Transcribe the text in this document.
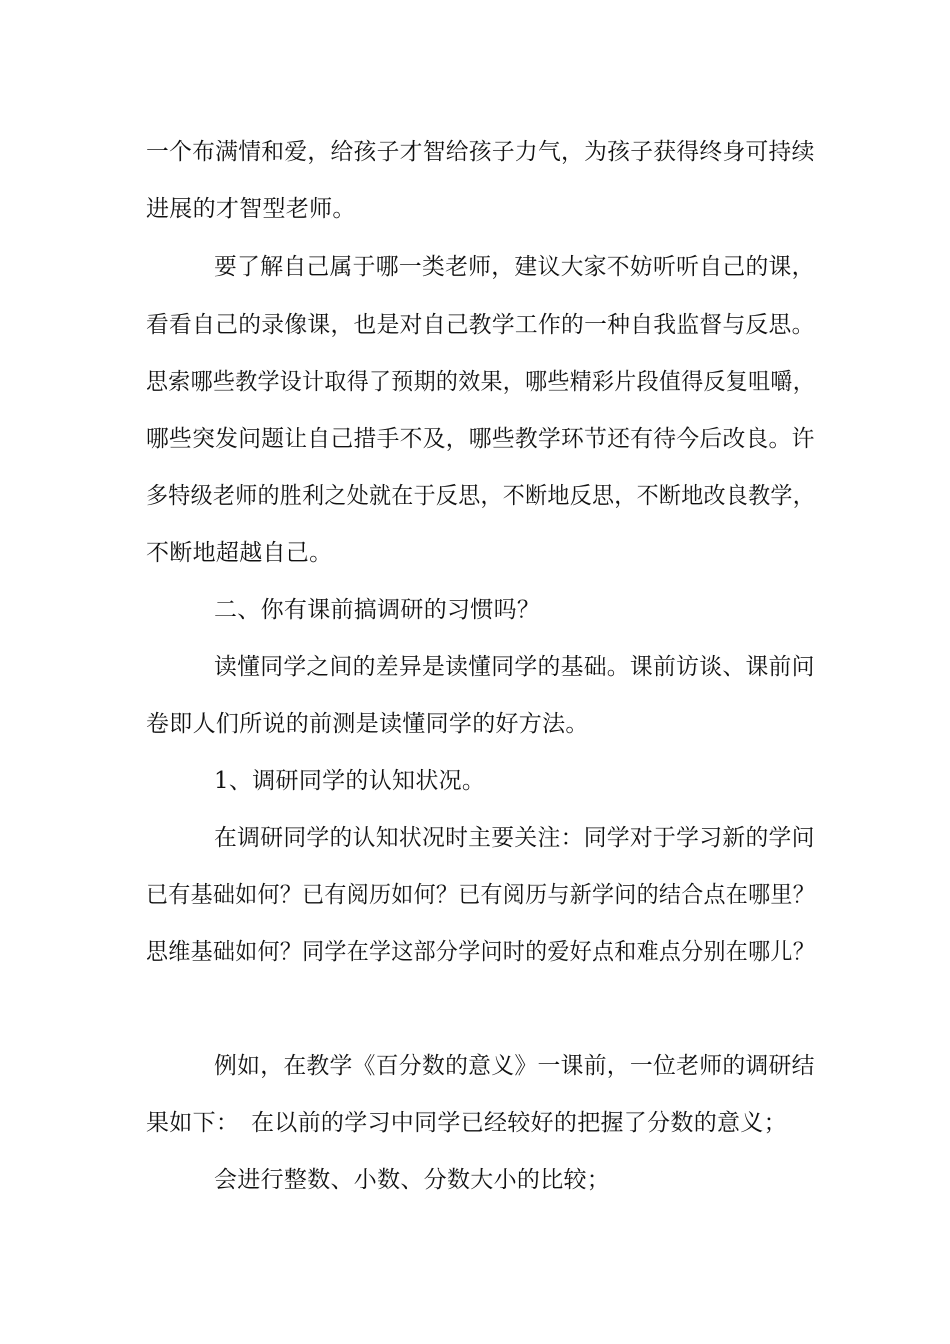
一个布满情和爱，给孩子才智给孩子力气，为孩子获得终身可持续
进展的才智型老师。
要了解自己属于哪一类老师，建议大家不妨听听自己的课，
看看自己的录像课，也是对自己教学工作的一种自我监督与反思。
思索哪些教学设计取得了预期的效果，哪些精彩片段值得反复咀嚼，
哪些突发问题让自己措手不及，哪些教学环节还有待今后改良。许
多特级老师的胜利之处就在于反思，不断地反思，不断地改良教学，
不断地超越自己。
二、你有课前搞调研的习惯吗？
读懂同学之间的差异是读懂同学的基础。课前访谈、课前问
卷即人们所说的前测是读懂同学的好方法。
1、调研同学的认知状况。
在调研同学的认知状况时主要关注：同学对于学习新的学问
已有基础如何？已有阅历如何？已有阅历与新学问的结合点在哪里？
思维基础如何？同学在学这部分学问时的爱好点和难点分别在哪儿？
例如，在教学《百分数的意义》一课前，一位老师的调研结
果如下：　在以前的学习中同学已经较好的把握了分数的意义；
会进行整数、小数、分数大小的比较；
